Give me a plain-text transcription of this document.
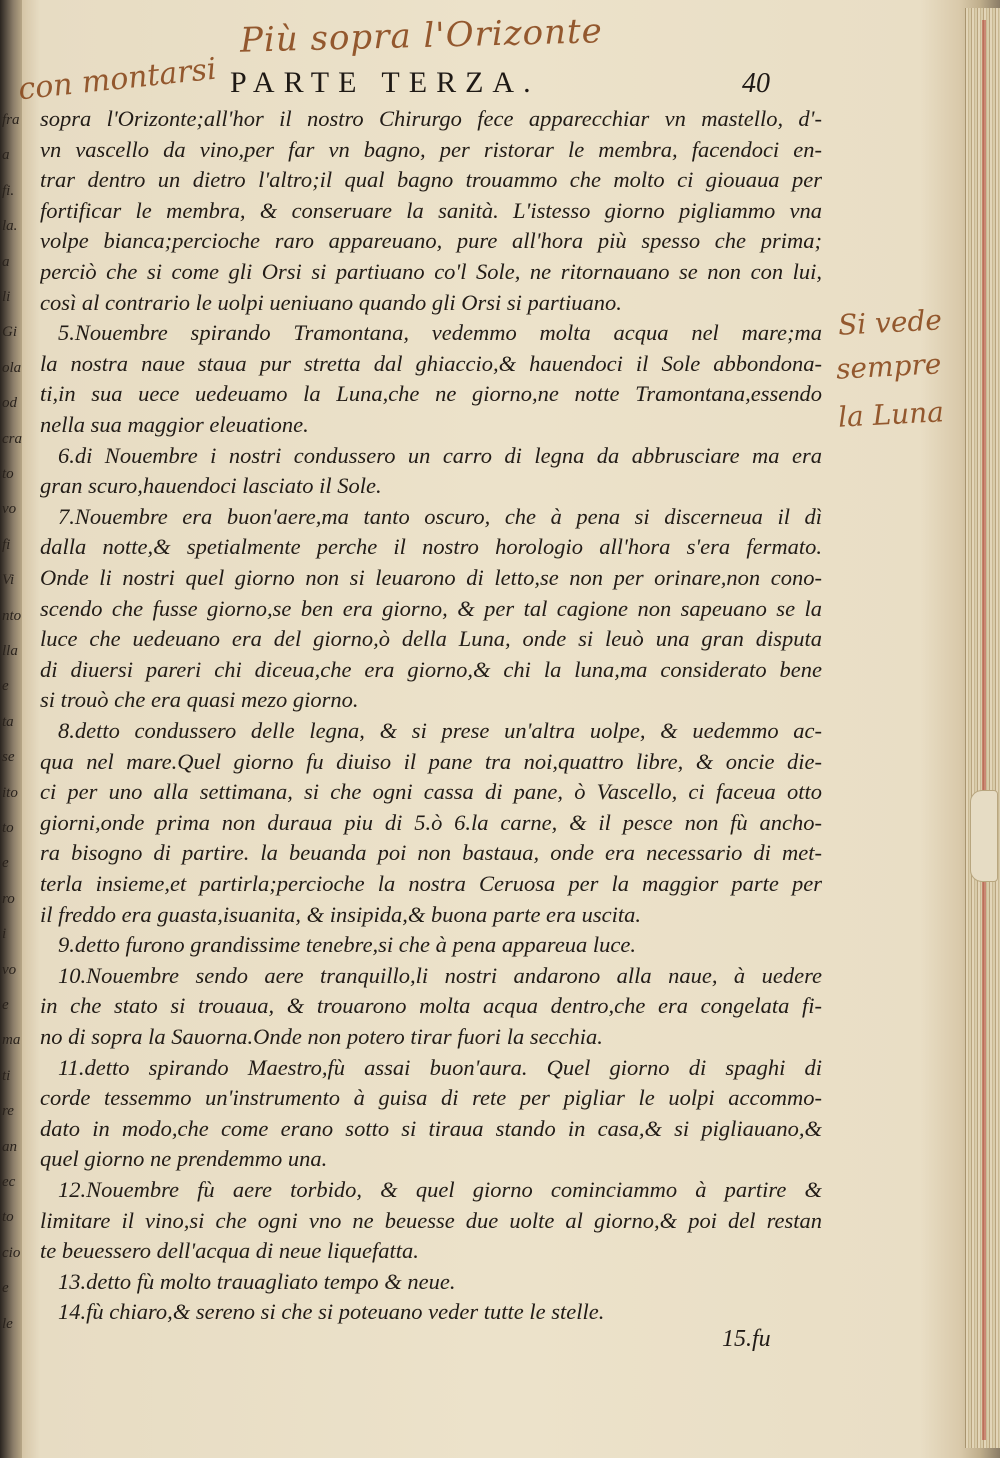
fra
a
fi.
la.
a
li
Gi
ola
od
cra
to
vo
fi
Vi
nto
lla
e
ta
se
ito
to
e
ro
i
vo
e
ma
ti
re
an
ec
to
cio
e
le
Più sopra l'Orizonte
con montarsi
Si vede
sempre
la Luna
PARTE TERZA.	40
sopra l'Orizonte;all'hor il nostro Chirurgo fece apparecchiar vn mastello, d'-
vn vascello da vino,per far vn bagno, per ristorar le membra, facendoci en-
trar dentro un dietro l'altro;il qual bagno trouammo che molto ci giouaua per
fortificar le membra, & conseruare la sanità. L'istesso giorno pigliammo vna
volpe bianca;percioche raro appareuano, pure all'hora più spesso che prima;
perciò che si come gli Orsi si partiuano co'l Sole, ne ritornauano se non con lui,
così al contrario le uolpi ueniuano quando gli Orsi si partiuano.
5.Nouembre spirando Tramontana, vedemmo molta acqua nel mare;ma
la nostra naue staua pur stretta dal ghiaccio,& hauendoci il Sole abbondona-
ti,in sua uece uedeuamo la Luna,che ne giorno,ne notte Tramontana,essendo
nella sua maggior eleuatione.
6.di Nouembre i nostri condussero un carro di legna da abbrusciare ma era
gran scuro,hauendoci lasciato il Sole.
7.Nouembre era buon'aere,ma tanto oscuro, che à pena si discerneua il dì
dalla notte,& spetialmente perche il nostro horologio all'hora s'era fermato.
Onde li nostri quel giorno non si leuarono di letto,se non per orinare,non cono-
scendo che fusse giorno,se ben era giorno, & per tal cagione non sapeuano se la
luce che uedeuano era del giorno,ò della Luna, onde si leuò una gran disputa
di diuersi pareri chi diceua,che era giorno,& chi la luna,ma considerato bene
si trouò che era quasi mezo giorno.
8.detto condussero delle legna, & si prese un'altra uolpe, & uedemmo ac-
qua nel mare.Quel giorno fu diuiso il pane tra noi,quattro libre, & oncie die-
ci per uno alla settimana, si che ogni cassa di pane, ò Vascello, ci faceua otto
giorni,onde prima non duraua piu di 5.ò 6.la carne, & il pesce non fù ancho-
ra bisogno di partire. la beuanda poi non bastaua, onde era necessario di met-
terla insieme,et partirla;percioche la nostra Ceruosa per la maggior parte per
il freddo era guasta,isuanita, & insipida,& buona parte era uscita.
9.detto furono grandissime tenebre,si che à pena appareua luce.
10.Nouembre sendo aere tranquillo,li nostri andarono alla naue, à uedere
in che stato si trouaua, & trouarono molta acqua dentro,che era congelata fi-
no di sopra la Sauorna.Onde non potero tirar fuori la secchia.
11.detto spirando Maestro,fù assai buon'aura. Quel giorno di spaghi di
corde tessemmo un'instrumento à guisa di rete per pigliar le uolpi accommo-
dato in modo,che come erano sotto si tiraua stando in casa,& si pigliauano,&
quel giorno ne prendemmo una.
12.Nouembre fù aere torbido, & quel giorno cominciammo à partire &
limitare il vino,si che ogni vno ne beuesse due uolte al giorno,& poi del restan
te beuessero dell'acqua di neue liquefatta.
13.detto fù molto trauagliato tempo & neue.
14.fù chiaro,& sereno si che si poteuano veder tutte le stelle.
15.fu
